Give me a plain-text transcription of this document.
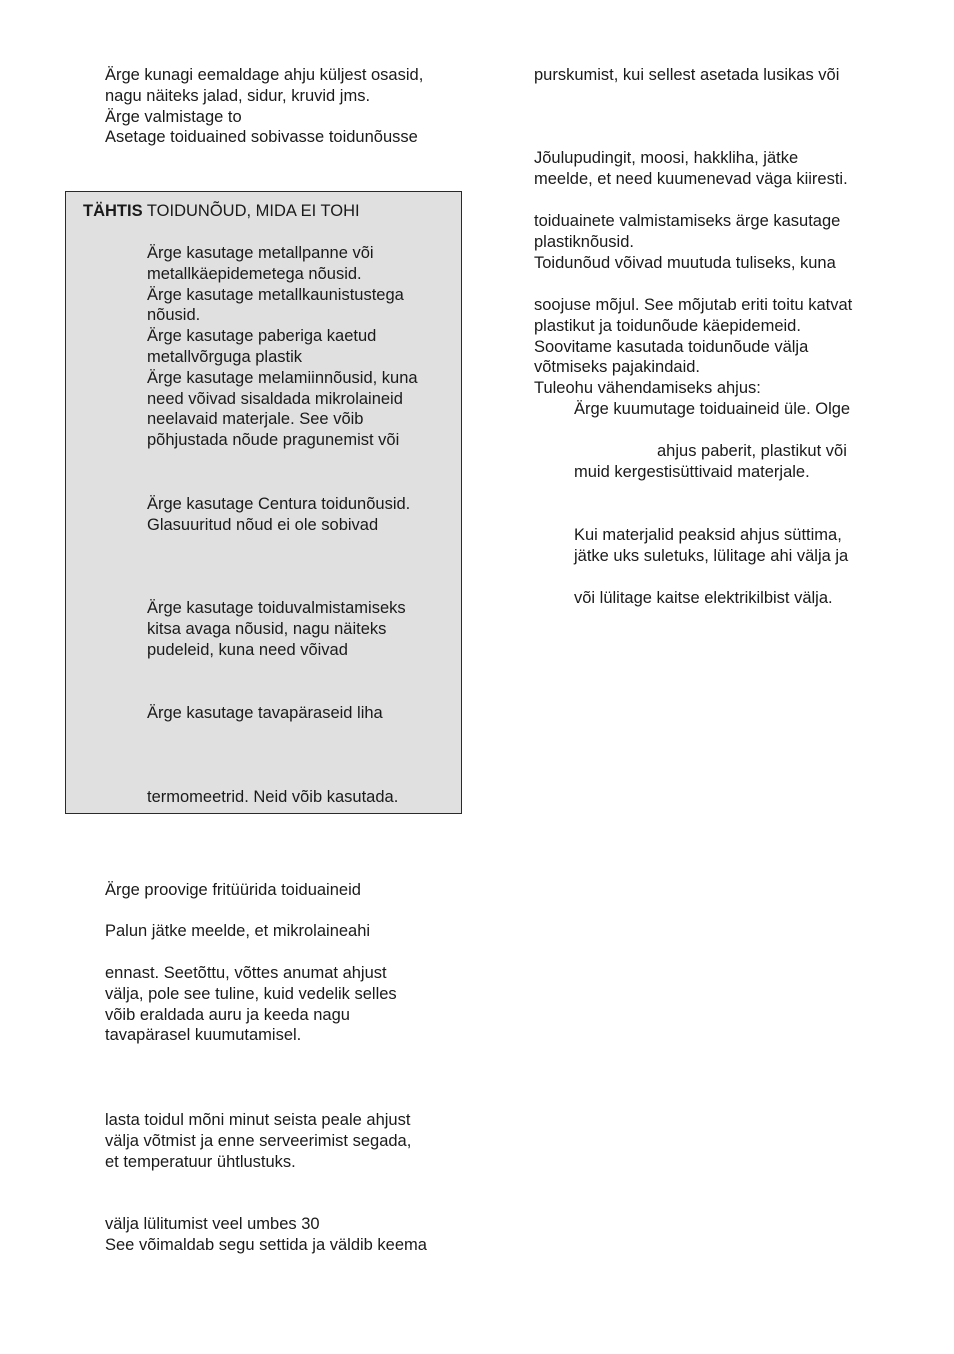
Ärge kunagi eemaldage ahju küljest osasid,
nagu näiteks jalad, sidur, kruvid jms.
Ärge valmistage to
Asetage toiduained sobivasse toidunõusse
TÄHTIS TOIDUNÕUD, MIDA EI TOHI
Ärge kasutage metallpanne või
metallkäepidemetega nõusid.
Ärge kasutage metallkaunistustega
nõusid.
Ärge kasutage paberiga kaetud
metallvõrguga plastik
Ärge kasutage melamiinnõusid, kuna
need võivad sisaldada mikrolaineid
neelavaid materjale. See võib
põhjustada nõude pragunemist või
Ärge kasutage Centura toidunõusid.
Glasuuritud nõud ei ole sobivad
Ärge kasutage toiduvalmistamiseks
kitsa avaga nõusid, nagu näiteks
pudeleid, kuna need võivad
Ärge kasutage tavapäraseid liha
termomeetrid. Neid võib kasutada.
Ärge proovige fritüürida toiduaineid
Palun jätke meelde, et mikrolaineahi
ennast. Seetõttu, võttes anumat ahjust
välja, pole see tuline, kuid vedelik selles
võib eraldada auru ja keeda nagu
tavapärasel kuumutamisel.
lasta toidul mõni minut seista peale ahjust
välja võtmist ja enne serveerimist segada,
et temperatuur ühtlustuks.
välja lülitumist veel umbes 30
See võimaldab segu settida ja väldib keema
purskumist, kui sellest asetada lusikas või
Jõulupudingit, moosi, hakkliha, jätke
meelde, et need kuumenevad väga kiiresti.
toiduainete valmistamiseks ärge kasutage
plastiknõusid.
Toidunõud võivad muutuda tuliseks, kuna
soojuse mõjul. See mõjutab eriti toitu katvat
plastikut ja toidunõude käepidemeid.
Soovitame kasutada toidunõude välja
võtmiseks pajakindaid.
Tuleohu vähendamiseks ahjus:
Ärge kuumutage toiduaineid üle. Olge
ahjus paberit, plastikut või
muid kergestisüttivaid materjale.
Kui materjalid peaksid ahjus süttima,
jätke uks suletuks, lülitage ahi välja ja
või lülitage kaitse elektrikilbist välja.
